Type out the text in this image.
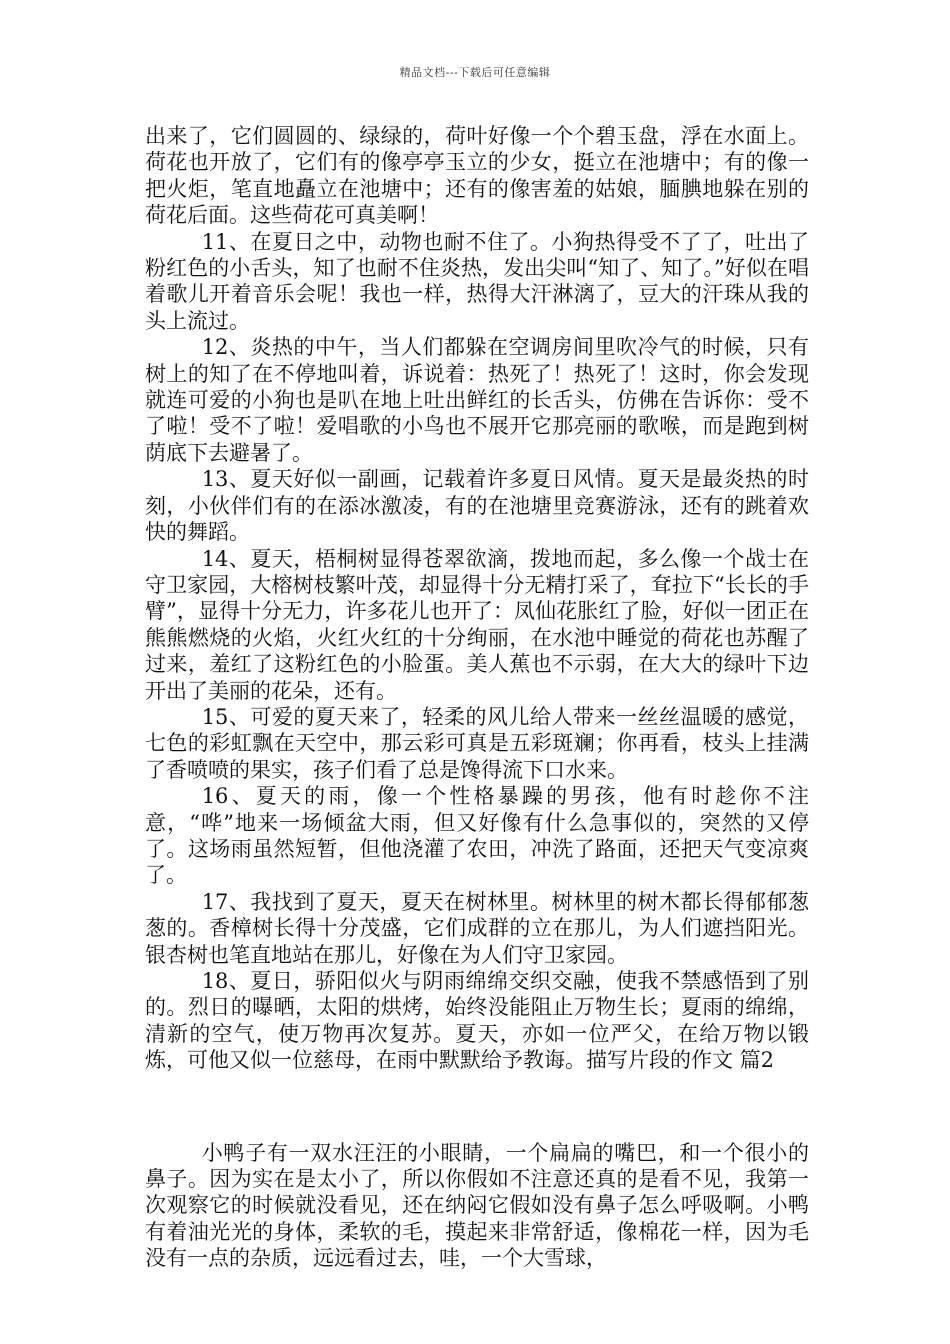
精品文档---下载后可任意编辑

出来了，它们圆圆的、绿绿的，荷叶好像一个个碧玉盘，浮在水面上。荷花也开放了，它们有的像亭亭玉立的少女，挺立在池塘中；有的像一把火炬，笔直地矗立在池塘中；还有的像害羞的姑娘，腼腆地躲在别的荷花后面。这些荷花可真美啊！

11、在夏日之中，动物也耐不住了。小狗热得受不了了，吐出了粉红色的小舌头，知了也耐不住炎热，发出尖叫“知了、知了。”好似在唱着歌儿开着音乐会呢！我也一样，热得大汗淋漓了，豆大的汗珠从我的头上流过。

12、炎热的中午，当人们都躲在空调房间里吹冷气的时候，只有树上的知了在不停地叫着，诉说着：热死了！热死了！这时，你会发现就连可爱的小狗也是叭在地上吐出鲜红的长舌头，仿佛在告诉你：受不了啦！受不了啦！爱唱歌的小鸟也不展开它那亮丽的歌喉，而是跑到树荫底下去避暑了。

13、夏天好似一副画，记载着许多夏日风情。夏天是最炎热的时刻，小伙伴们有的在添冰激凌，有的在池塘里竞赛游泳，还有的跳着欢快的舞蹈。

14、夏天，梧桐树显得苍翠欲滴，拨地而起，多么像一个战士在守卫家园，大榕树枝繁叶茂，却显得十分无精打采了，耷拉下“长长的手臂”，显得十分无力，许多花儿也开了：凤仙花胀红了脸，好似一团正在熊熊燃烧的火焰，火红火红的十分绚丽，在水池中睡觉的荷花也苏醒了过来，羞红了这粉红色的小脸蛋。美人蕉也不示弱，在大大的绿叶下边开出了美丽的花朵，还有。

15、可爱的夏天来了，轻柔的风儿给人带来一丝丝温暖的感觉，七色的彩虹飘在天空中，那云彩可真是五彩斑斓；你再看，枝头上挂满了香喷喷的果实，孩子们看了总是馋得流下口水来。

16、夏天的雨，像一个性格暴躁的男孩，他有时趁你不注意，“哗”地来一场倾盆大雨，但又好像有什么急事似的，突然的又停了。这场雨虽然短暂，但他浇灌了农田，冲洗了路面，还把天气变凉爽了。

17、我找到了夏天，夏天在树林里。树林里的树木都长得郁郁葱葱的。香樟树长得十分茂盛，它们成群的立在那儿，为人们遮挡阳光。银杏树也笔直地站在那儿，好像在为人们守卫家园。

18、夏日，骄阳似火与阴雨绵绵交织交融，使我不禁感悟到了别的。烈日的曝晒，太阳的烘烤，始终没能阻止万物生长；夏雨的绵绵，清新的空气，使万物再次复苏。夏天，亦如一位严父，在给万物以锻炼，可他又似一位慈母，在雨中默默给予教诲。描写片段的作文 篇2

小鸭子有一双水汪汪的小眼睛，一个扁扁的嘴巴，和一个很小的鼻子。因为实在是太小了，所以你假如不注意还真的是看不见，我第一次观察它的时候就没看见，还在纳闷它假如没有鼻子怎么呼吸啊。小鸭有着油光光的身体，柔软的毛，摸起来非常舒适，像棉花一样，因为毛没有一点的杂质，远远看过去，哇，一个大雪球，
